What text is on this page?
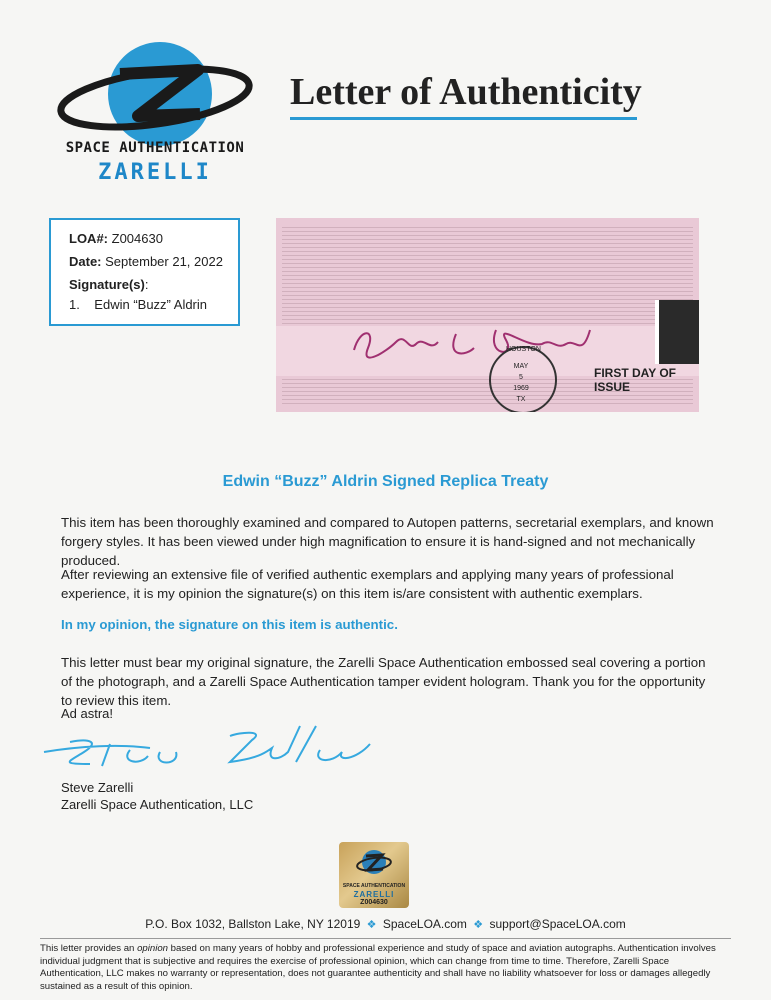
SPACE AUTHENTICATION
ZARELLI
Letter of Authenticity
LOA#: Z004630
Date: September 21, 2022
Signature(s):
1. Edwin “Buzz” Aldrin
HOUSTON
MAY
5
1969
TX
FIRST DAY OF ISSUE
Edwin “Buzz” Aldrin Signed Replica Treaty
This item has been thoroughly examined and compared to Autopen patterns, secretarial exemplars, and known forgery styles. It has been viewed under high magnification to ensure it is hand-signed and not mechanically produced.
After reviewing an extensive file of verified authentic exemplars and applying many years of professional experience, it is my opinion the signature(s) on this item is/are consistent with authentic exemplars.
In my opinion, the signature on this item is authentic.
This letter must bear my original signature, the Zarelli Space Authentication embossed seal covering a portion of the photograph, and a Zarelli Space Authentication tamper evident hologram. Thank you for the opportunity to review this item.
Ad astra!
Steve Zarelli
Zarelli Space Authentication, LLC
SPACE AUTHENTICATION
ZARELLI
Z004630
P.O. Box 1032, Ballston Lake, NY 12019 ❖ SpaceLOA.com ❖ support@SpaceLOA.com
This letter provides an opinion based on many years of hobby and professional experience and study of space and aviation autographs. Authentication involves individual judgment that is subjective and requires the exercise of professional opinion, which can change from time to time. Therefore, Zarelli Space Authentication, LLC makes no warranty or representation, does not guarantee authenticity and shall have no liability whatsoever for loss or damages allegedly sustained as a result of this opinion.
